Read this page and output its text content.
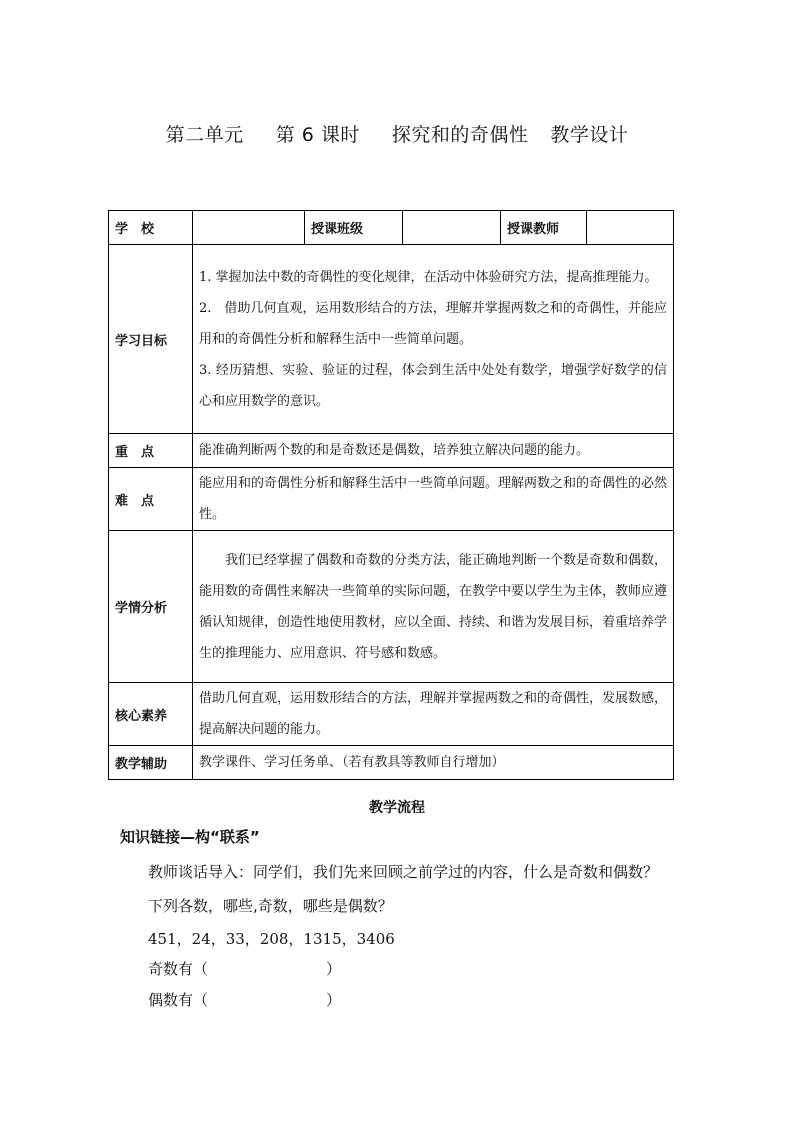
第二单元 第 6 课时 探究和的奇偶性 教学设计
学　校		授课班级		授课教师	
学习目标	1. 掌握加法中数的奇偶性的变化规律，在活动中体验研究方法，提高推理能力。

2.　借助几何直观，运用数形结合的方法，理解并掌握两数之和的奇偶性，并能应用和的奇偶性分析和解释生活中一些简单问题。

3. 经历猜想、实验、验证的过程，体会到生活中处处有数学，增强学好数学的信心和应用数学的意识。				

重　点	能准确判断两个数的和是奇数还是偶数，培养独立解决问题的能力。				
难　点	能应用和的奇偶性分析和解释生活中一些简单问题。理解两数之和的奇偶性的必然性。				
学情分析	我们已经掌握了偶数和奇数的分类方法，能正确地判断一个数是奇数和偶数，能用数的奇偶性来解决一些简单的实际问题，在教学中要以学生为主体，教师应遵循认知规律，创造性地使用教材，应以全面、持续、和谐为发展目标，着重培养学生的推理能力、应用意识、符号感和数感。				
核心素养	借助几何直观，运用数形结合的方法，理解并掌握两数之和的奇偶性，发展数感，提高解决问题的能力。				
教学辅助	教学课件、学习任务单、（若有教具等教师自行增加）				
教学流程
知识链接—构“联系”
教师谈话导入：同学们，我们先来回顾之前学过的内容，什么是奇数和偶数？
下列各数，哪些,奇数，哪些是偶数？
451，24，33，208，1315，3406
奇数有（	）
偶数有（	）
